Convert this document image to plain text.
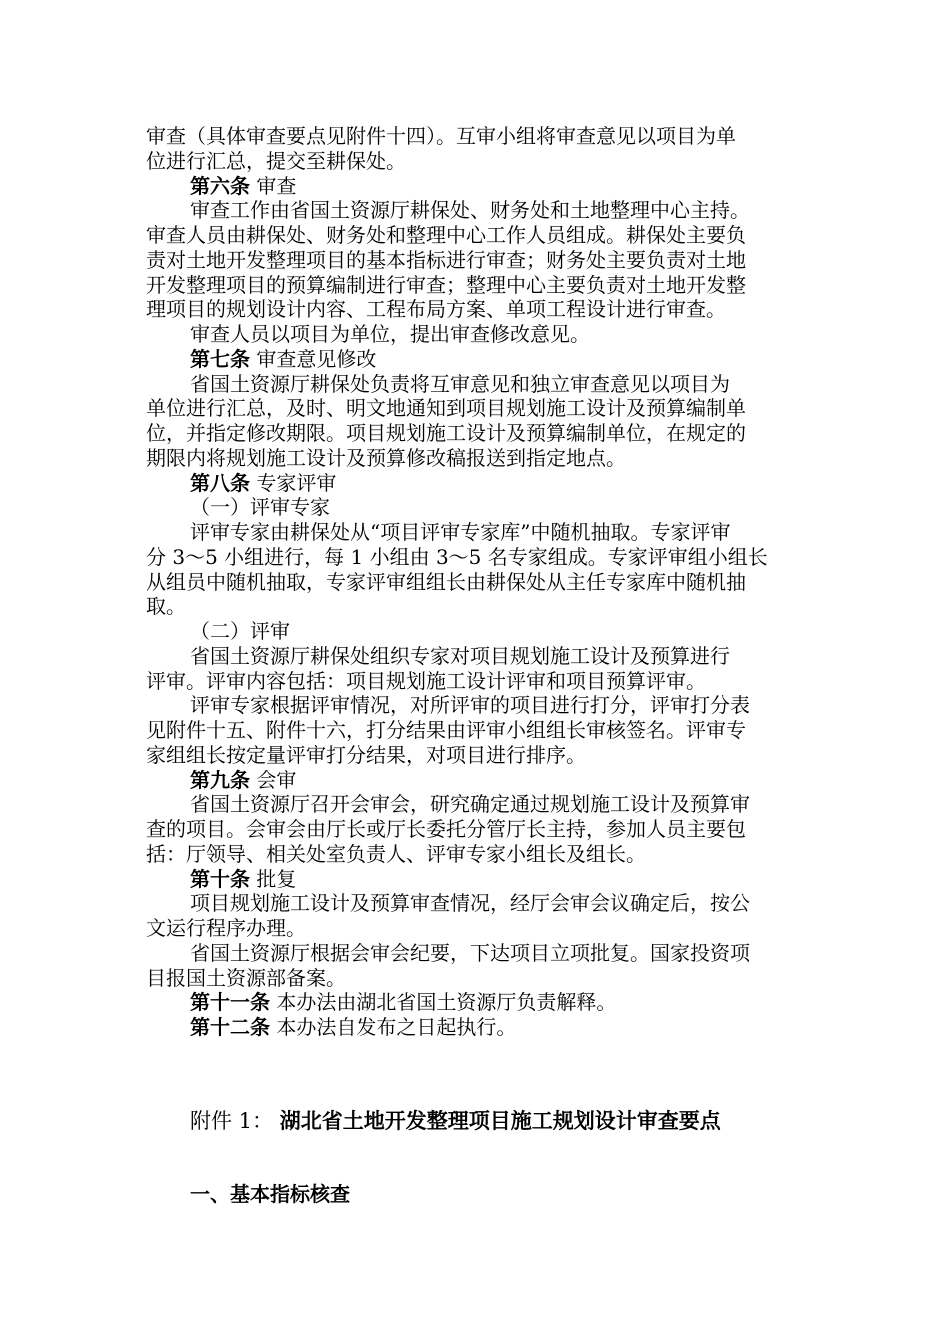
审查（具体审查要点见附件十四）。互审小组将审查意见以项目为单
位进行汇总，提交至耕保处。
第六条 审查
审查工作由省国土资源厅耕保处、财务处和土地整理中心主持。
审查人员由耕保处、财务处和整理中心工作人员组成。耕保处主要负
责对土地开发整理项目的基本指标进行审查；财务处主要负责对土地
开发整理项目的预算编制进行审查；整理中心主要负责对土地开发整
理项目的规划设计内容、工程布局方案、单项工程设计进行审查。
审查人员以项目为单位，提出审查修改意见。
第七条 审查意见修改
省国土资源厅耕保处负责将互审意见和独立审查意见以项目为
单位进行汇总，及时、明文地通知到项目规划施工设计及预算编制单
位，并指定修改期限。项目规划施工设计及预算编制单位，在规定的
期限内将规划施工设计及预算修改稿报送到指定地点。
第八条 专家评审
（一）评审专家
评审专家由耕保处从“项目评审专家库”中随机抽取。专家评审
分 3～5 小组进行，每 1 小组由 3～5 名专家组成。专家评审组小组长
从组员中随机抽取，专家评审组组长由耕保处从主任专家库中随机抽
取。
（二）评审
省国土资源厅耕保处组织专家对项目规划施工设计及预算进行
评审。评审内容包括：项目规划施工设计评审和项目预算评审。
评审专家根据评审情况，对所评审的项目进行打分，评审打分表
见附件十五、附件十六，打分结果由评审小组组长审核签名。评审专
家组组长按定量评审打分结果，对项目进行排序。
第九条 会审
省国土资源厅召开会审会，研究确定通过规划施工设计及预算审
查的项目。会审会由厅长或厅长委托分管厅长主持，参加人员主要包
括：厅领导、相关处室负责人、评审专家小组长及组长。
第十条 批复
项目规划施工设计及预算审查情况，经厅会审会议确定后，按公
文运行程序办理。
省国土资源厅根据会审会纪要，下达项目立项批复。国家投资项
目报国土资源部备案。
第十一条 本办法由湖北省国土资源厅负责解释。
第十二条 本办法自发布之日起执行。
附件 1： 湖北省土地开发整理项目施工规划设计审查要点
一、基本指标核查
